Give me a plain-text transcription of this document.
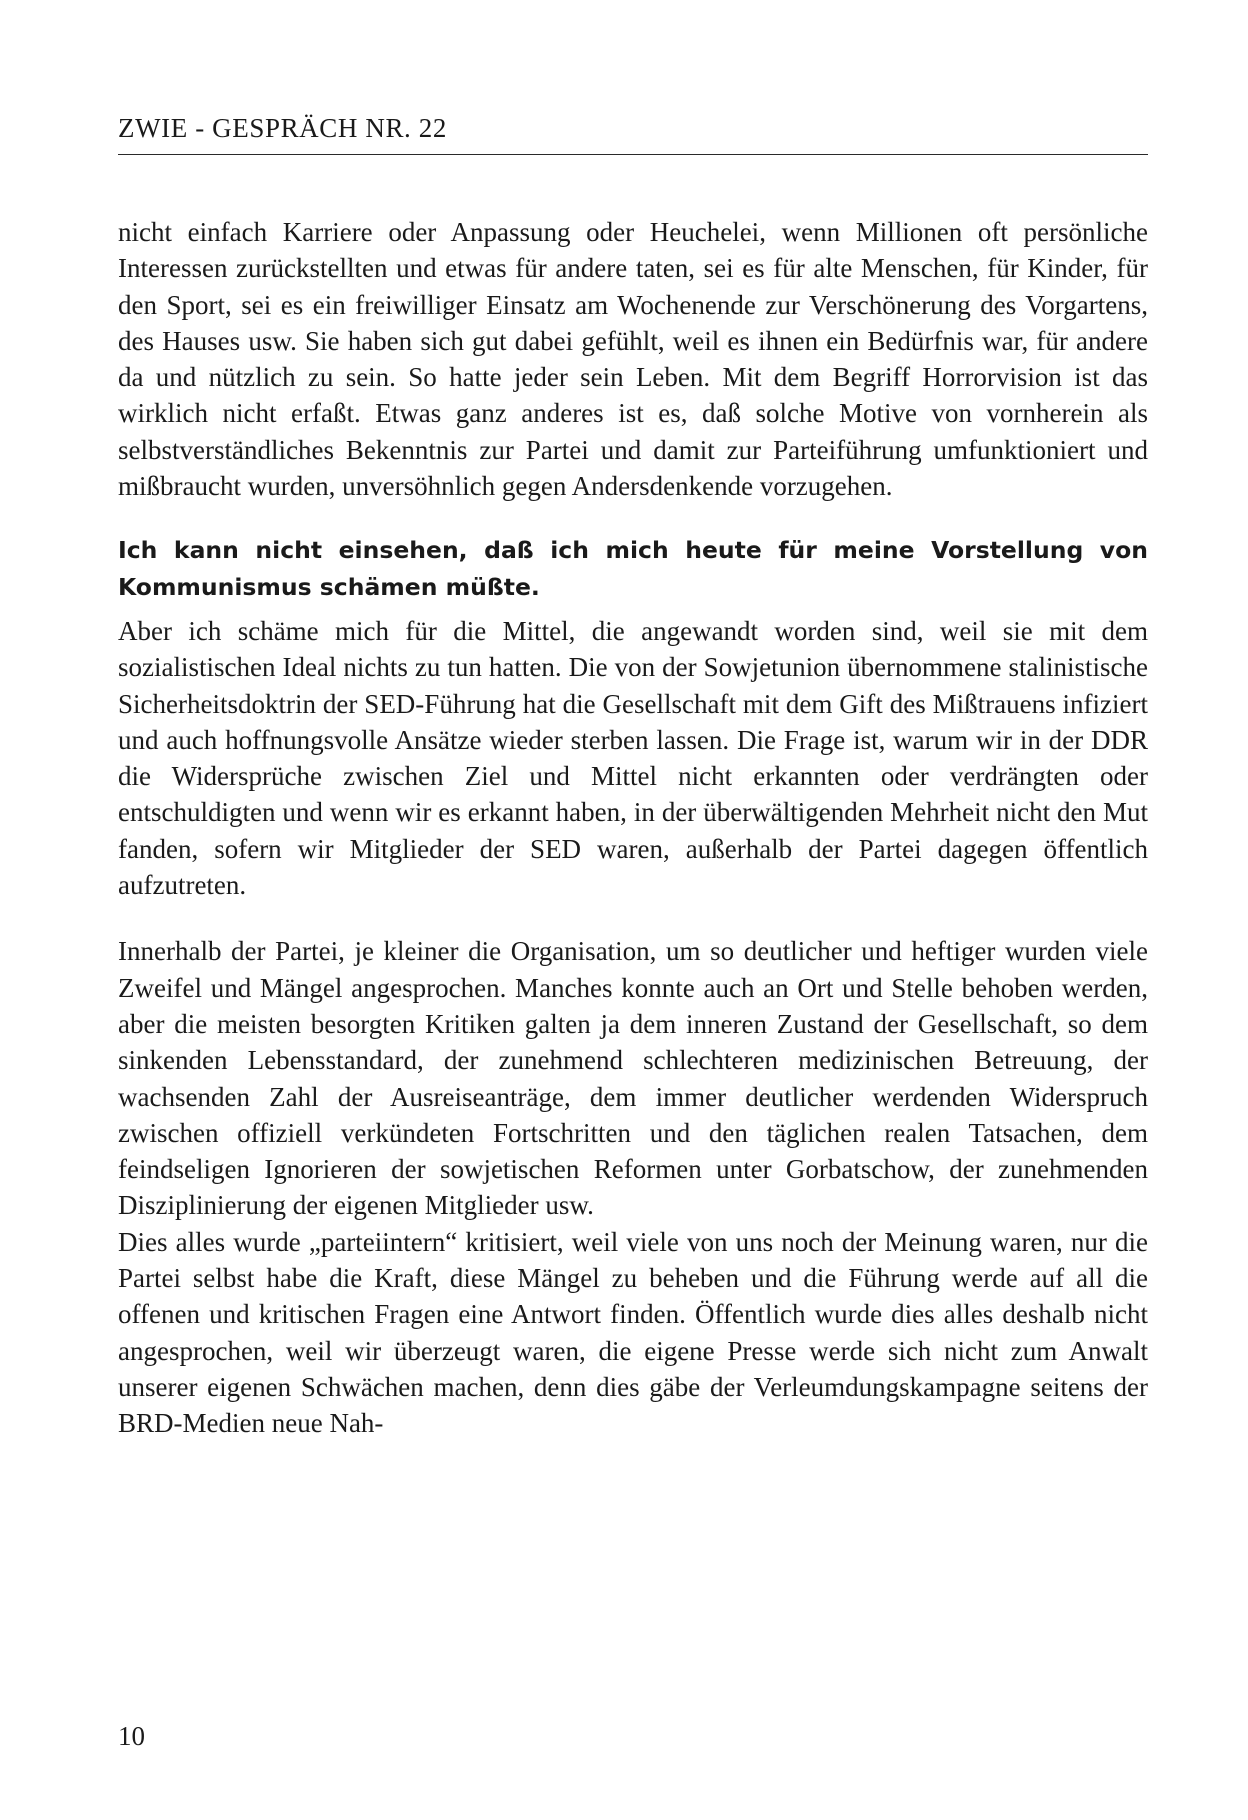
ZWIE - GESPRÄCH NR. 22

nicht einfach Karriere oder Anpassung oder Heuchelei, wenn Millionen oft persönliche Interessen zurückstellten und etwas für andere taten, sei es für alte Menschen, für Kinder, für den Sport, sei es ein freiwilliger Einsatz am Wochenende zur Verschönerung des Vorgartens, des Hauses usw. Sie haben sich gut dabei gefühlt, weil es ihnen ein Bedürfnis war, für andere da und nützlich zu sein. So hatte jeder sein Leben. Mit dem Begriff Horrorvision ist das wirklich nicht erfaßt. Etwas ganz anderes ist es, daß solche Motive von vornherein als selbstverständliches Bekenntnis zur Partei und damit zur Parteiführung umfunktioniert und mißbraucht wurden, unversöhnlich gegen Andersdenkende vorzugehen.

Ich kann nicht einsehen, daß ich mich heute für meine Vorstellung von Kommunismus schämen müßte.

Aber ich schäme mich für die Mittel, die angewandt worden sind, weil sie mit dem sozialistischen Ideal nichts zu tun hatten. Die von der Sowjetunion übernommene stalinistische Sicherheitsdoktrin der SED-Führung hat die Gesellschaft mit dem Gift des Mißtrauens infiziert und auch hoffnungsvolle Ansätze wieder sterben lassen. Die Frage ist, warum wir in der DDR die Widersprüche zwischen Ziel und Mittel nicht erkannten oder verdrängten oder entschuldigten und wenn wir es erkannt haben, in der überwältigenden Mehrheit nicht den Mut fanden, sofern wir Mitglieder der SED waren, außerhalb der Partei dagegen öffentlich aufzutreten.

Innerhalb der Partei, je kleiner die Organisation, um so deutlicher und heftiger wurden viele Zweifel und Mängel angesprochen. Manches konnte auch an Ort und Stelle behoben werden, aber die meisten besorgten Kritiken galten ja dem inneren Zustand der Gesellschaft, so dem sinkenden Lebensstandard, der zunehmend schlechteren medizinischen Betreuung, der wachsenden Zahl der Ausreiseanträge, dem immer deutlicher werdenden Widerspruch zwischen offiziell verkündeten Fortschritten und den täglichen realen Tatsachen, dem feindseligen Ignorieren der sowjetischen Reformen unter Gorbatschow, der zunehmenden Disziplinierung der eigenen Mitglieder usw.

Dies alles wurde „parteiintern“ kritisiert, weil viele von uns noch der Meinung waren, nur die Partei selbst habe die Kraft, diese Mängel zu beheben und die Führung werde auf all die offenen und kritischen Fragen eine Antwort finden. Öffentlich wurde dies alles deshalb nicht angesprochen, weil wir überzeugt waren, die eigene Presse werde sich nicht zum Anwalt unserer eigenen Schwächen machen, denn dies gäbe der Verleumdungskampagne seitens der BRD-Medien neue Nah-

10
